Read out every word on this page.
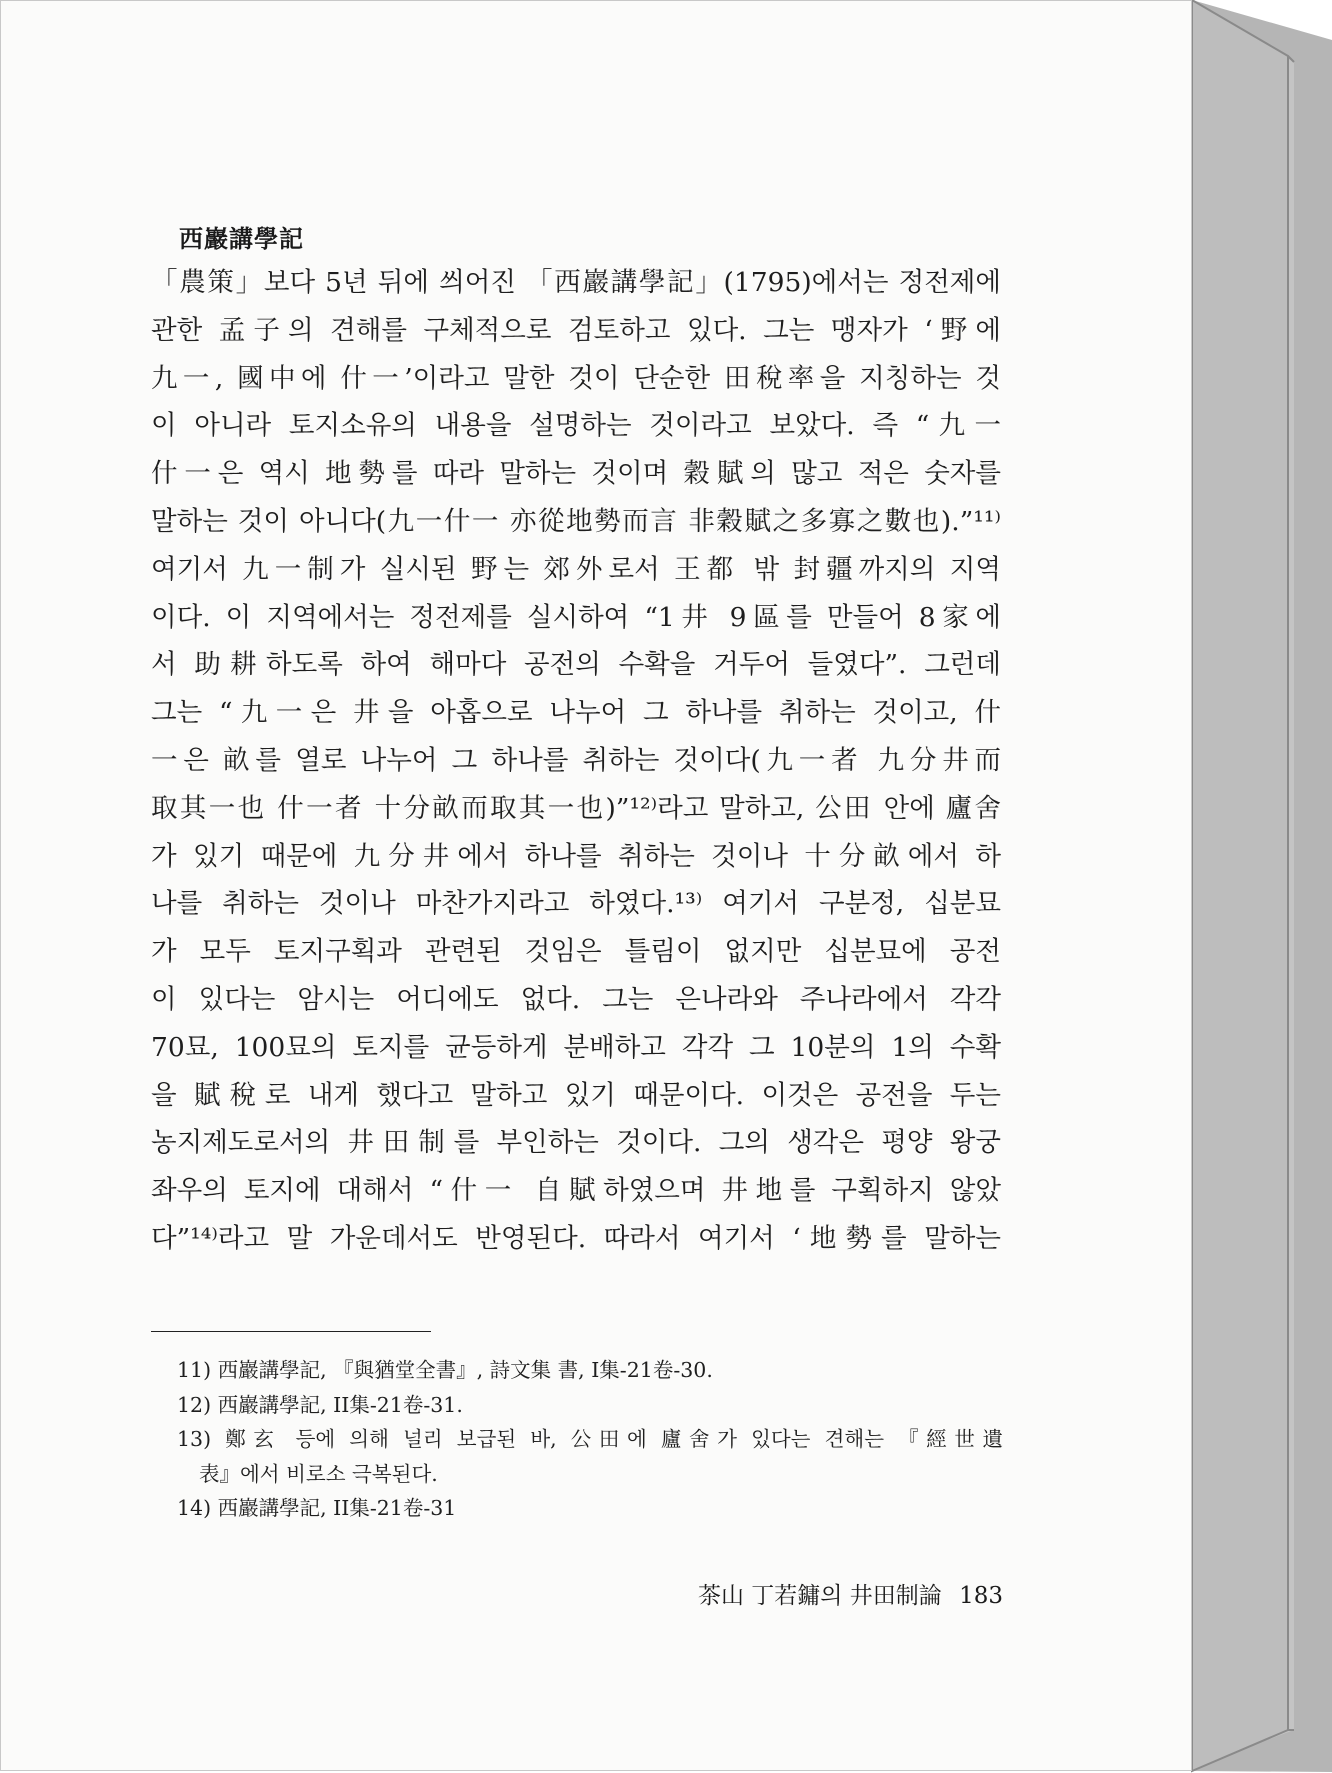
西巖講學記
「農策」보다 5년 뒤에 씌어진 「西巖講學記」(1795)에서는 정전제에
관한 孟子의 견해를 구체적으로 검토하고 있다. 그는 맹자가 ‘野에
九一, 國中에 什一’이라고 말한 것이 단순한 田稅率을 지칭하는 것
이 아니라 토지소유의 내용을 설명하는 것이라고 보았다. 즉 “九一
什一은 역시 地勢를 따라 말하는 것이며 穀賦의 많고 적은 숫자를
말하는 것이 아니다(九一什一 亦從地勢而言 非穀賦之多寡之數也).”¹¹⁾
여기서 九一制가 실시된 野는 郊外로서 王都 밖 封疆까지의 지역
이다. 이 지역에서는 정전제를 실시하여 “1井 9區를 만들어 8家에
서 助耕하도록 하여 해마다 공전의 수확을 거두어 들였다”. 그런데
그는 “九一은 井을 아홉으로 나누어 그 하나를 취하는 것이고, 什
一은 畝를 열로 나누어 그 하나를 취하는 것이다(九一者 九分井而
取其一也 什一者 十分畝而取其一也)”¹²⁾라고 말하고, 公田 안에 廬舍
가 있기 때문에 九分井에서 하나를 취하는 것이나 十分畝에서 하
나를 취하는 것이나 마찬가지라고 하였다.¹³⁾ 여기서 구분정, 십분묘
가 모두 토지구획과 관련된 것임은 틀림이 없지만 십분묘에 공전
이 있다는 암시는 어디에도 없다. 그는 은나라와 주나라에서 각각
70묘, 100묘의 토지를 균등하게 분배하고 각각 그 10분의 1의 수확
을 賦稅로 내게 했다고 말하고 있기 때문이다. 이것은 공전을 두는
농지제도로서의 井田制를 부인하는 것이다. 그의 생각은 평양 왕궁
좌우의 토지에 대해서 “什一 自賦하였으며 井地를 구획하지 않았
다”¹⁴⁾라고 말 가운데서도 반영된다. 따라서 여기서 ‘地勢를 말하는
11) 西巖講學記, 『與猶堂全書』, 詩文集 書, I集-21卷-30.
12) 西巖講學記, II集-21卷-31.
13) 鄭玄 등에 의해 널리 보급된 바, 公田에 廬舍가 있다는 견해는 『經世遺
表』에서 비로소 극복된다.
14) 西巖講學記, II集-21卷-31
茶山 丁若鏞의 井田制論 183
